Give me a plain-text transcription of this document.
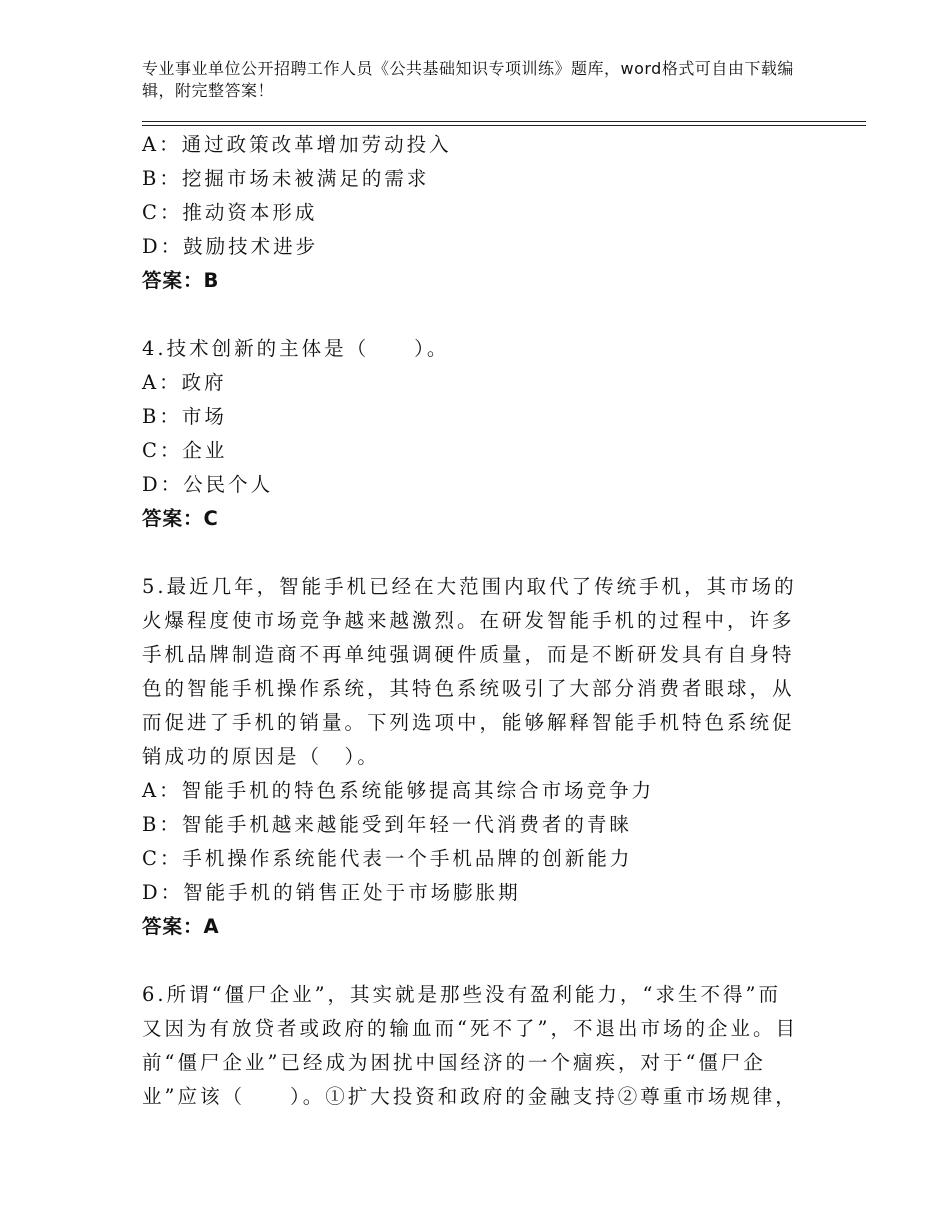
专业事业单位公开招聘工作人员《公共基础知识专项训练》题库，word格式可自由下载编辑，附完整答案！
A：通过政策改革增加劳动投入
B：挖掘市场未被满足的需求
C：推动资本形成
D：鼓励技术进步
答案：B
4.技术创新的主体是（　　）。
A：政府
B：市场
C：企业
D：公民个人
答案：C
5.最近几年，智能手机已经在大范围内取代了传统手机，其市场的火爆程度使市场竞争越来越激烈。在研发智能手机的过程中，许多手机品牌制造商不再单纯强调硬件质量，而是不断研发具有自身特色的智能手机操作系统，其特色系统吸引了大部分消费者眼球，从而促进了手机的销量。下列选项中，能够解释智能手机特色系统促销成功的原因是（　）。
A：智能手机的特色系统能够提高其综合市场竞争力
B：智能手机越来越能受到年轻一代消费者的青睐
C：手机操作系统能代表一个手机品牌的创新能力
D：智能手机的销售正处于市场膨胀期
答案：A
6.所谓“僵尸企业”，其实就是那些没有盈利能力，“求生不得”而又因为有放贷者或政府的输血而“死不了”，不退出市场的企业。目前“僵尸企业”已经成为困扰中国经济的一个痼疾，对于“僵尸企业”应该（　　）。①扩大投资和政府的金融支持②尊重市场规律，
